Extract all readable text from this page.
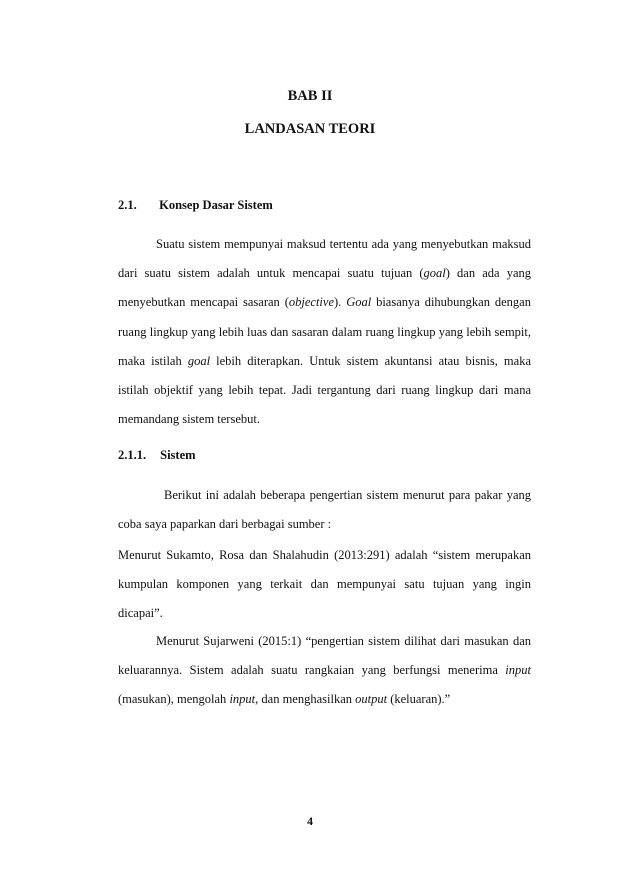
BAB II
LANDASAN TEORI
2.1. Konsep Dasar Sistem
Suatu sistem mempunyai maksud tertentu ada yang menyebutkan maksud
dari suatu sistem adalah untuk mencapai suatu tujuan (goal) dan ada yang
menyebutkan mencapai sasaran (objective). Goal biasanya dihubungkan dengan
ruang lingkup yang lebih luas dan sasaran dalam ruang lingkup yang lebih sempit,
maka istilah goal lebih diterapkan. Untuk sistem akuntansi atau bisnis, maka
istilah objektif yang lebih tepat. Jadi tergantung dari ruang lingkup dari mana
memandang sistem tersebut.
2.1.1. Sistem
Berikut ini adalah beberapa pengertian sistem menurut para pakar yang
coba saya paparkan dari berbagai sumber :
Menurut Sukamto, Rosa dan Shalahudin (2013:291) adalah “sistem merupakan
kumpulan komponen yang terkait dan mempunyai satu tujuan yang ingin
dicapai”.
Menurut Sujarweni (2015:1) “pengertian sistem dilihat dari masukan dan
keluarannya. Sistem adalah suatu rangkaian yang berfungsi menerima input
(masukan), mengolah input, dan menghasilkan output (keluaran).”
4
